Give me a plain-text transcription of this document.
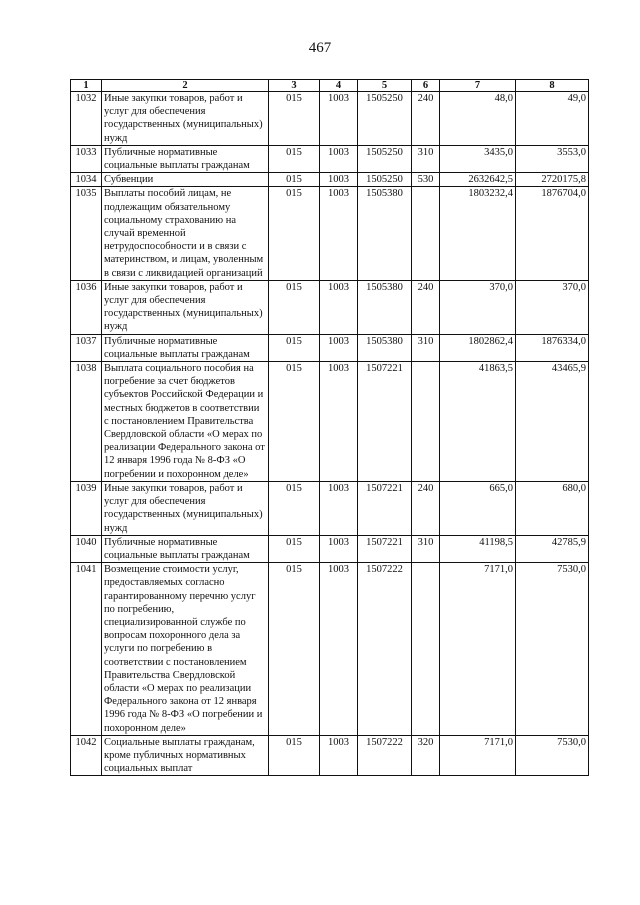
467
1	2	3	4	5	6	7	8
1032	Иные закупки товаров, работ и услуг для обеспечения государственных (муниципальных) нужд	015	1003	1505250	240	48,0	49,0
1033	Публичные нормативные социальные выплаты гражданам	015	1003	1505250	310	3435,0	3553,0
1034	Субвенции	015	1003	1505250	530	2632642,5	2720175,8
1035	Выплаты пособий лицам, не подлежащим обязательному социальному страхованию на случай временной нетрудоспособности и в связи с материнством, и лицам, уволенным в связи с ликвидацией организаций	015	1003	1505380		1803232,4	1876704,0
1036	Иные закупки товаров, работ и услуг для обеспечения государственных (муниципальных) нужд	015	1003	1505380	240	370,0	370,0
1037	Публичные нормативные социальные выплаты гражданам	015	1003	1505380	310	1802862,4	1876334,0
1038	Выплата социального пособия на погребение за счет бюджетов субъектов Российской Федерации и местных бюджетов в соответствии с постановлением Правительства Свердловской области «О мерах по реализации Федерального закона от 12 января 1996 года № 8-ФЗ «О погребении и похоронном деле»	015	1003	1507221		41863,5	43465,9
1039	Иные закупки товаров, работ и услуг для обеспечения государственных (муниципальных) нужд	015	1003	1507221	240	665,0	680,0
1040	Публичные нормативные социальные выплаты гражданам	015	1003	1507221	310	41198,5	42785,9
1041	Возмещение стоимости услуг, предоставляемых согласно гарантированному перечню услуг по погребению, специализированной службе по вопросам похоронного дела за услуги по погребению в соответствии с постановлением Правительства Свердловской области «О мерах по реализации Федерального закона от 12 января 1996 года № 8-ФЗ «О погребении и похоронном деле»	015	1003	1507222		7171,0	7530,0
1042	Социальные выплаты гражданам, кроме публичных нормативных социальных выплат	015	1003	1507222	320	7171,0	7530,0
